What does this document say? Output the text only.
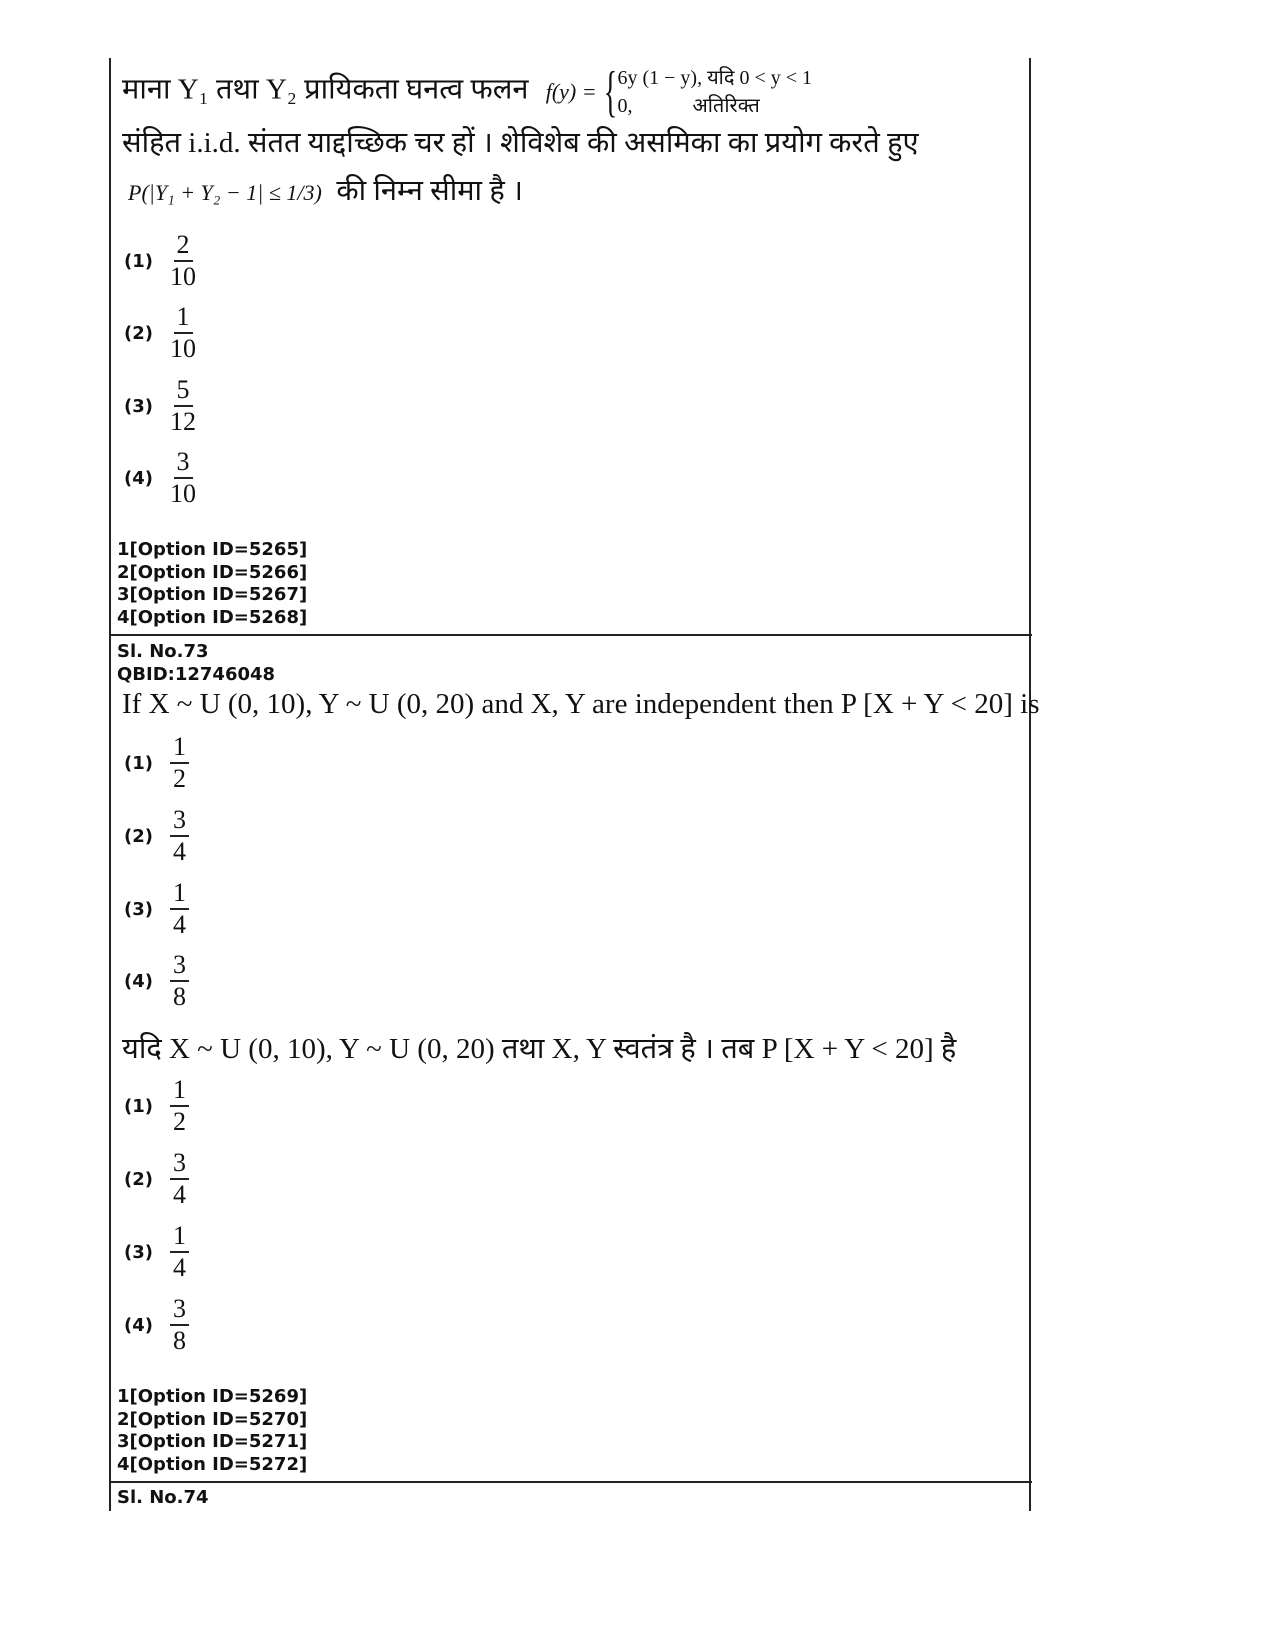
माना Y₁ तथा Y₂ प्रायिकता घनत्व फलन f(y) = { 6y (1 − y), यदि 0 < y < 1
0,            अतिरिक्त
संहित i.i.d. संतत याद्दच्छिक चर हों । शेविशेब की असमिका का प्रयोग करते हुए
P(|Y₁ + Y₂ − 1| ≤ 1/3) की निम्न सीमा है ।
$(1) \frac{2}{10}$
$(2) \frac{1}{10}$
$(3) \frac{5}{12}$
$(4) \frac{3}{10}$
1[Option ID=5265]
2[Option ID=5266]
3[Option ID=5267]
4[Option ID=5268]
Sl. No.73
QBID:12746048
If X ~ U (0, 10), Y ~ U (0, 20) and X, Y are independent then P [X + Y < 20] is
$(1) \frac{1}{2}$
$(2) \frac{3}{4}$
$(3) \frac{1}{4}$
$(4) \frac{3}{8}$
यदि X ~ U (0, 10), Y ~ U (0, 20) तथा X, Y स्वतंत्र है । तब P [X + Y < 20] है
$(1) \frac{1}{2}$
$(2) \frac{3}{4}$
$(3) \frac{1}{4}$
$(4) \frac{3}{8}$
1[Option ID=5269]
2[Option ID=5270]
3[Option ID=5271]
4[Option ID=5272]
Sl. No.74
